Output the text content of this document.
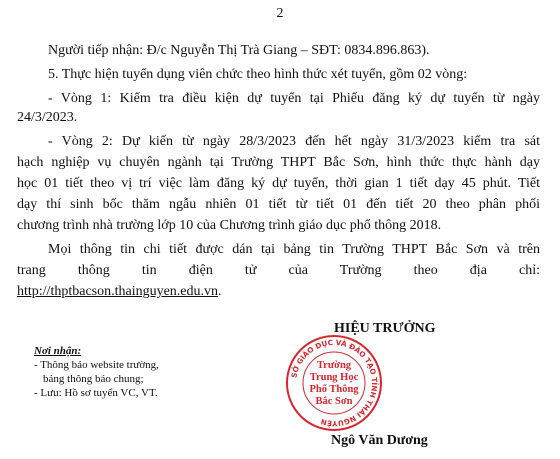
2
Người tiếp nhận: Đ/c Nguyễn Thị Trà Giang – SĐT: 0834.896.863).
5. Thực hiện tuyển dụng viên chức theo hình thức xét tuyển, gồm 02 vòng:
- Vòng 1: Kiểm tra điều kiện dự tuyển tại Phiếu đăng ký dự tuyển từ ngày
24/3/2023.
- Vòng 2: Dự kiến từ ngày 28/3/2023 đến hết ngày 31/3/2023 kiểm tra sát
hạch nghiệp vụ chuyên ngành tại Trường THPT Bắc Sơn, hình thức thực hành dạy
học 01 tiết theo vị trí việc làm đăng ký dự tuyển, thời gian 1 tiết dạy 45 phút. Tiết
dạy thí sinh bốc thăm ngẫu nhiên 01 tiết từ tiết 01 đến tiết 20 theo phân phối
chương trình nhà trường lớp 10 của Chương trình giáo dục phổ thông 2018.
Mọi thông tin chi tiết được dán tại bảng tin Trường THPT Bắc Sơn và trên
trang thông tin điện tử của Trường theo địa chỉ:
http://thptbacson.thainguyen.edu.vn.
Nơi nhận:
- Thông báo website trường,
bảng thông báo chung;
- Lưu: Hồ sơ tuyển VC, VT.
HIỆU TRƯỞNG
SỞ GIÁO DỤC VÀ ĐÀO TẠO TỈNH THÁI NGUYÊN
Trường
Trung Học
Phổ Thông
Bắc Sơn
Ngô Văn Dương
